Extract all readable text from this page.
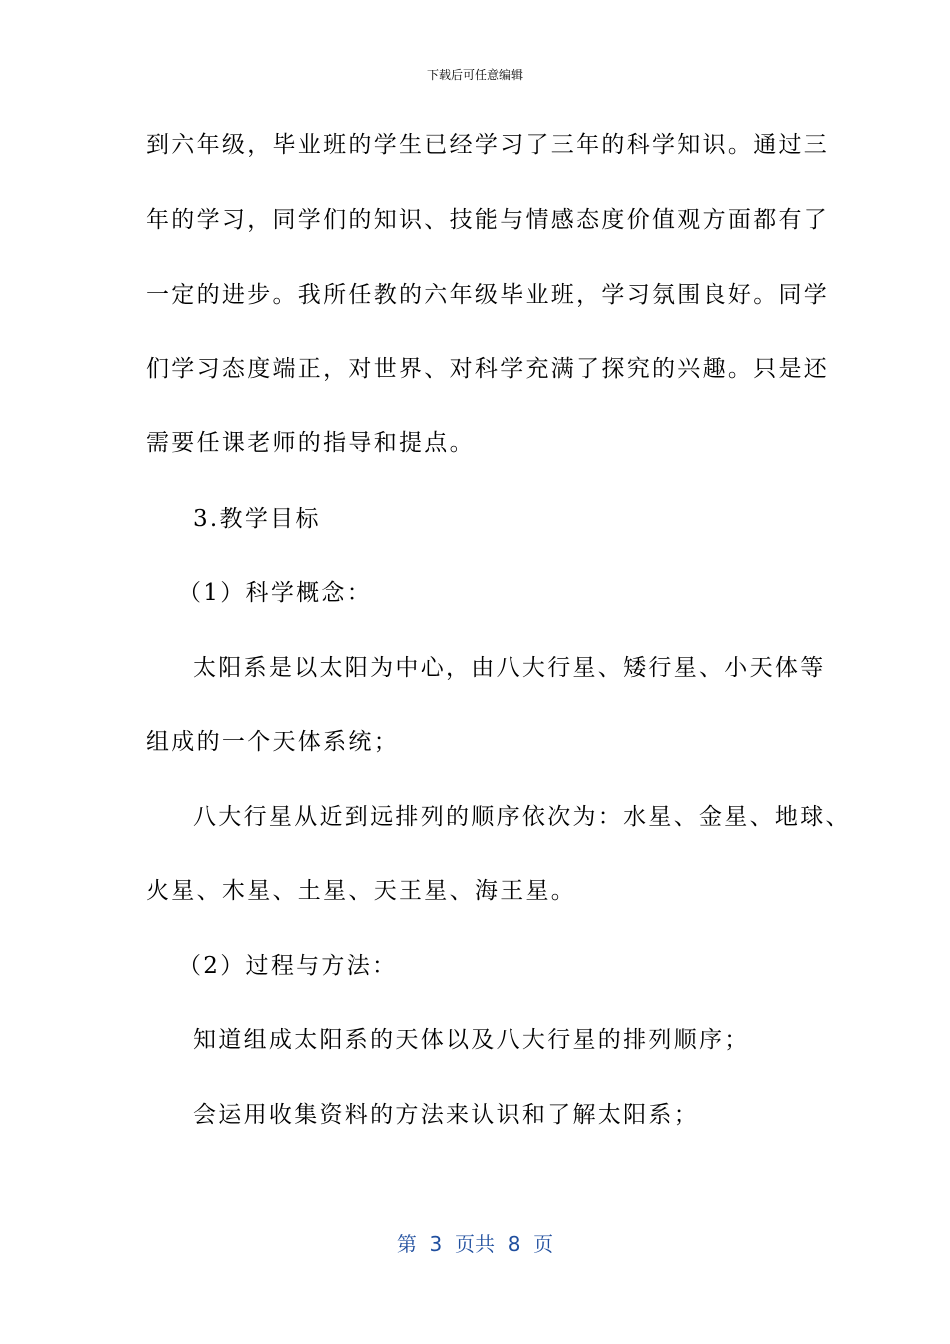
下载后可任意编辑
到六年级，毕业班的学生已经学习了三年的科学知识。通过三
年的学习，同学们的知识、技能与情感态度价值观方面都有了
一定的进步。我所任教的六年级毕业班，学习氛围良好。同学
们学习态度端正，对世界、对科学充满了探究的兴趣。只是还
需要任课老师的指导和提点。
3.教学目标
（1）科学概念：
太阳系是以太阳为中心，由八大行星、矮行星、小天体等
组成的一个天体系统；
八大行星从近到远排列的顺序依次为：水星、金星、地球、
火星、木星、土星、天王星、海王星。
（2）过程与方法：
知道组成太阳系的天体以及八大行星的排列顺序；
会运用收集资料的方法来认识和了解太阳系；
第  3  页共  8  页
